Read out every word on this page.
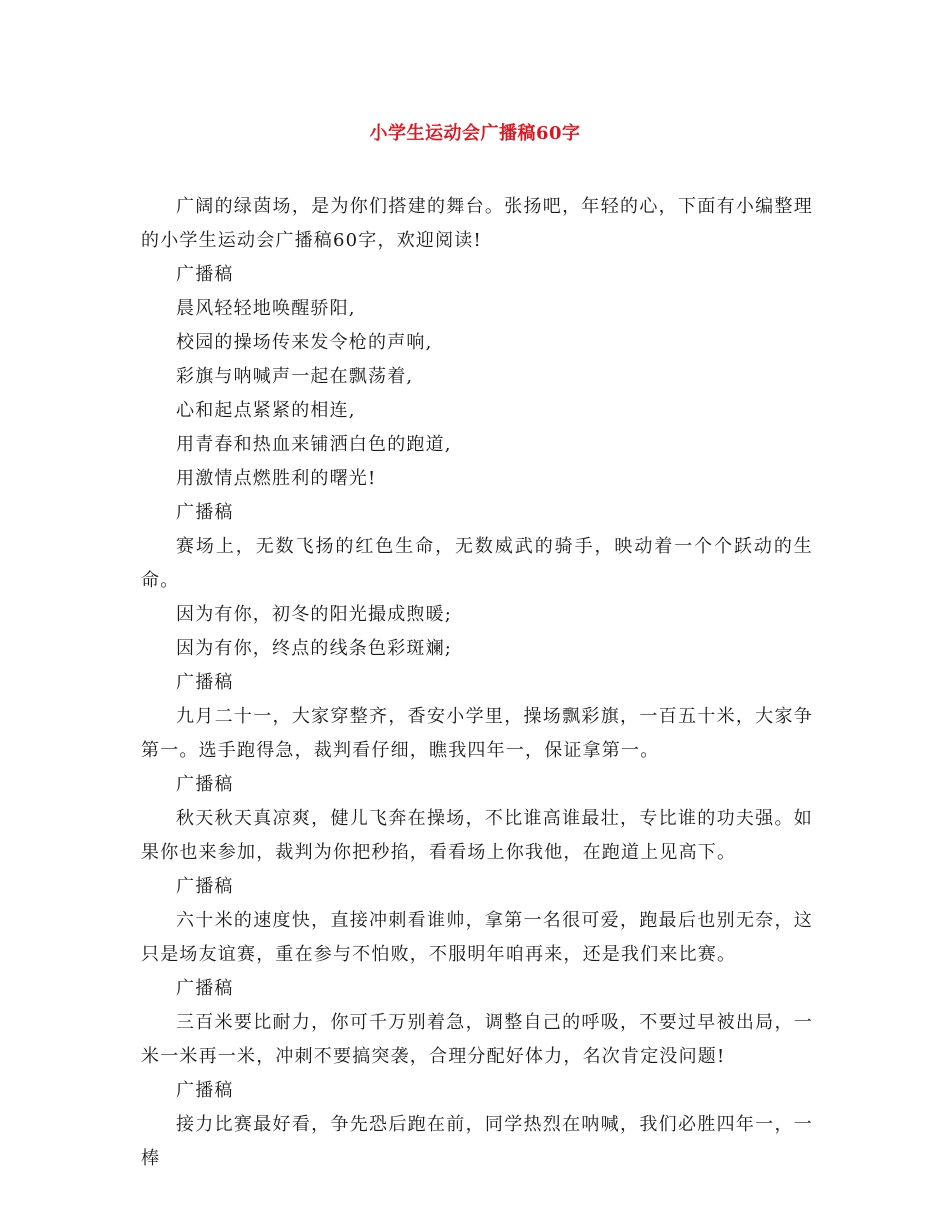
小学生运动会广播稿60字

广阔的绿茵场，是为你们搭建的舞台。张扬吧，年轻的心，下面有小编整理的小学生运动会广播稿60字，欢迎阅读!

广播稿

晨风轻轻地唤醒骄阳,

校园的操场传来发令枪的声响,

彩旗与呐喊声一起在飘荡着,

心和起点紧紧的相连,

用青春和热血来铺洒白色的跑道,

用激情点燃胜利的曙光!

广播稿

赛场上，无数飞扬的红色生命，无数威武的骑手，映动着一个个跃动的生命。

因为有你，初冬的阳光撮成煦暖;

因为有你，终点的线条色彩斑斓;

广播稿

九月二十一，大家穿整齐，香安小学里，操场飘彩旗，一百五十米，大家争第一。选手跑得急，裁判看仔细，瞧我四年一，保证拿第一。

广播稿

秋天秋天真凉爽，健儿飞奔在操场，不比谁高谁最壮，专比谁的功夫强。如果你也来参加，裁判为你把秒掐，看看场上你我他，在跑道上见高下。

广播稿

六十米的速度快，直接冲刺看谁帅，拿第一名很可爱，跑最后也别无奈，这只是场友谊赛，重在参与不怕败，不服明年咱再来，还是我们来比赛。

广播稿

三百米要比耐力，你可千万别着急，调整自己的呼吸，不要过早被出局，一米一米再一米，冲刺不要搞突袭，合理分配好体力，名次肯定没问题!

广播稿

接力比赛最好看，争先恐后跑在前，同学热烈在呐喊，我们必胜四年一，一棒
